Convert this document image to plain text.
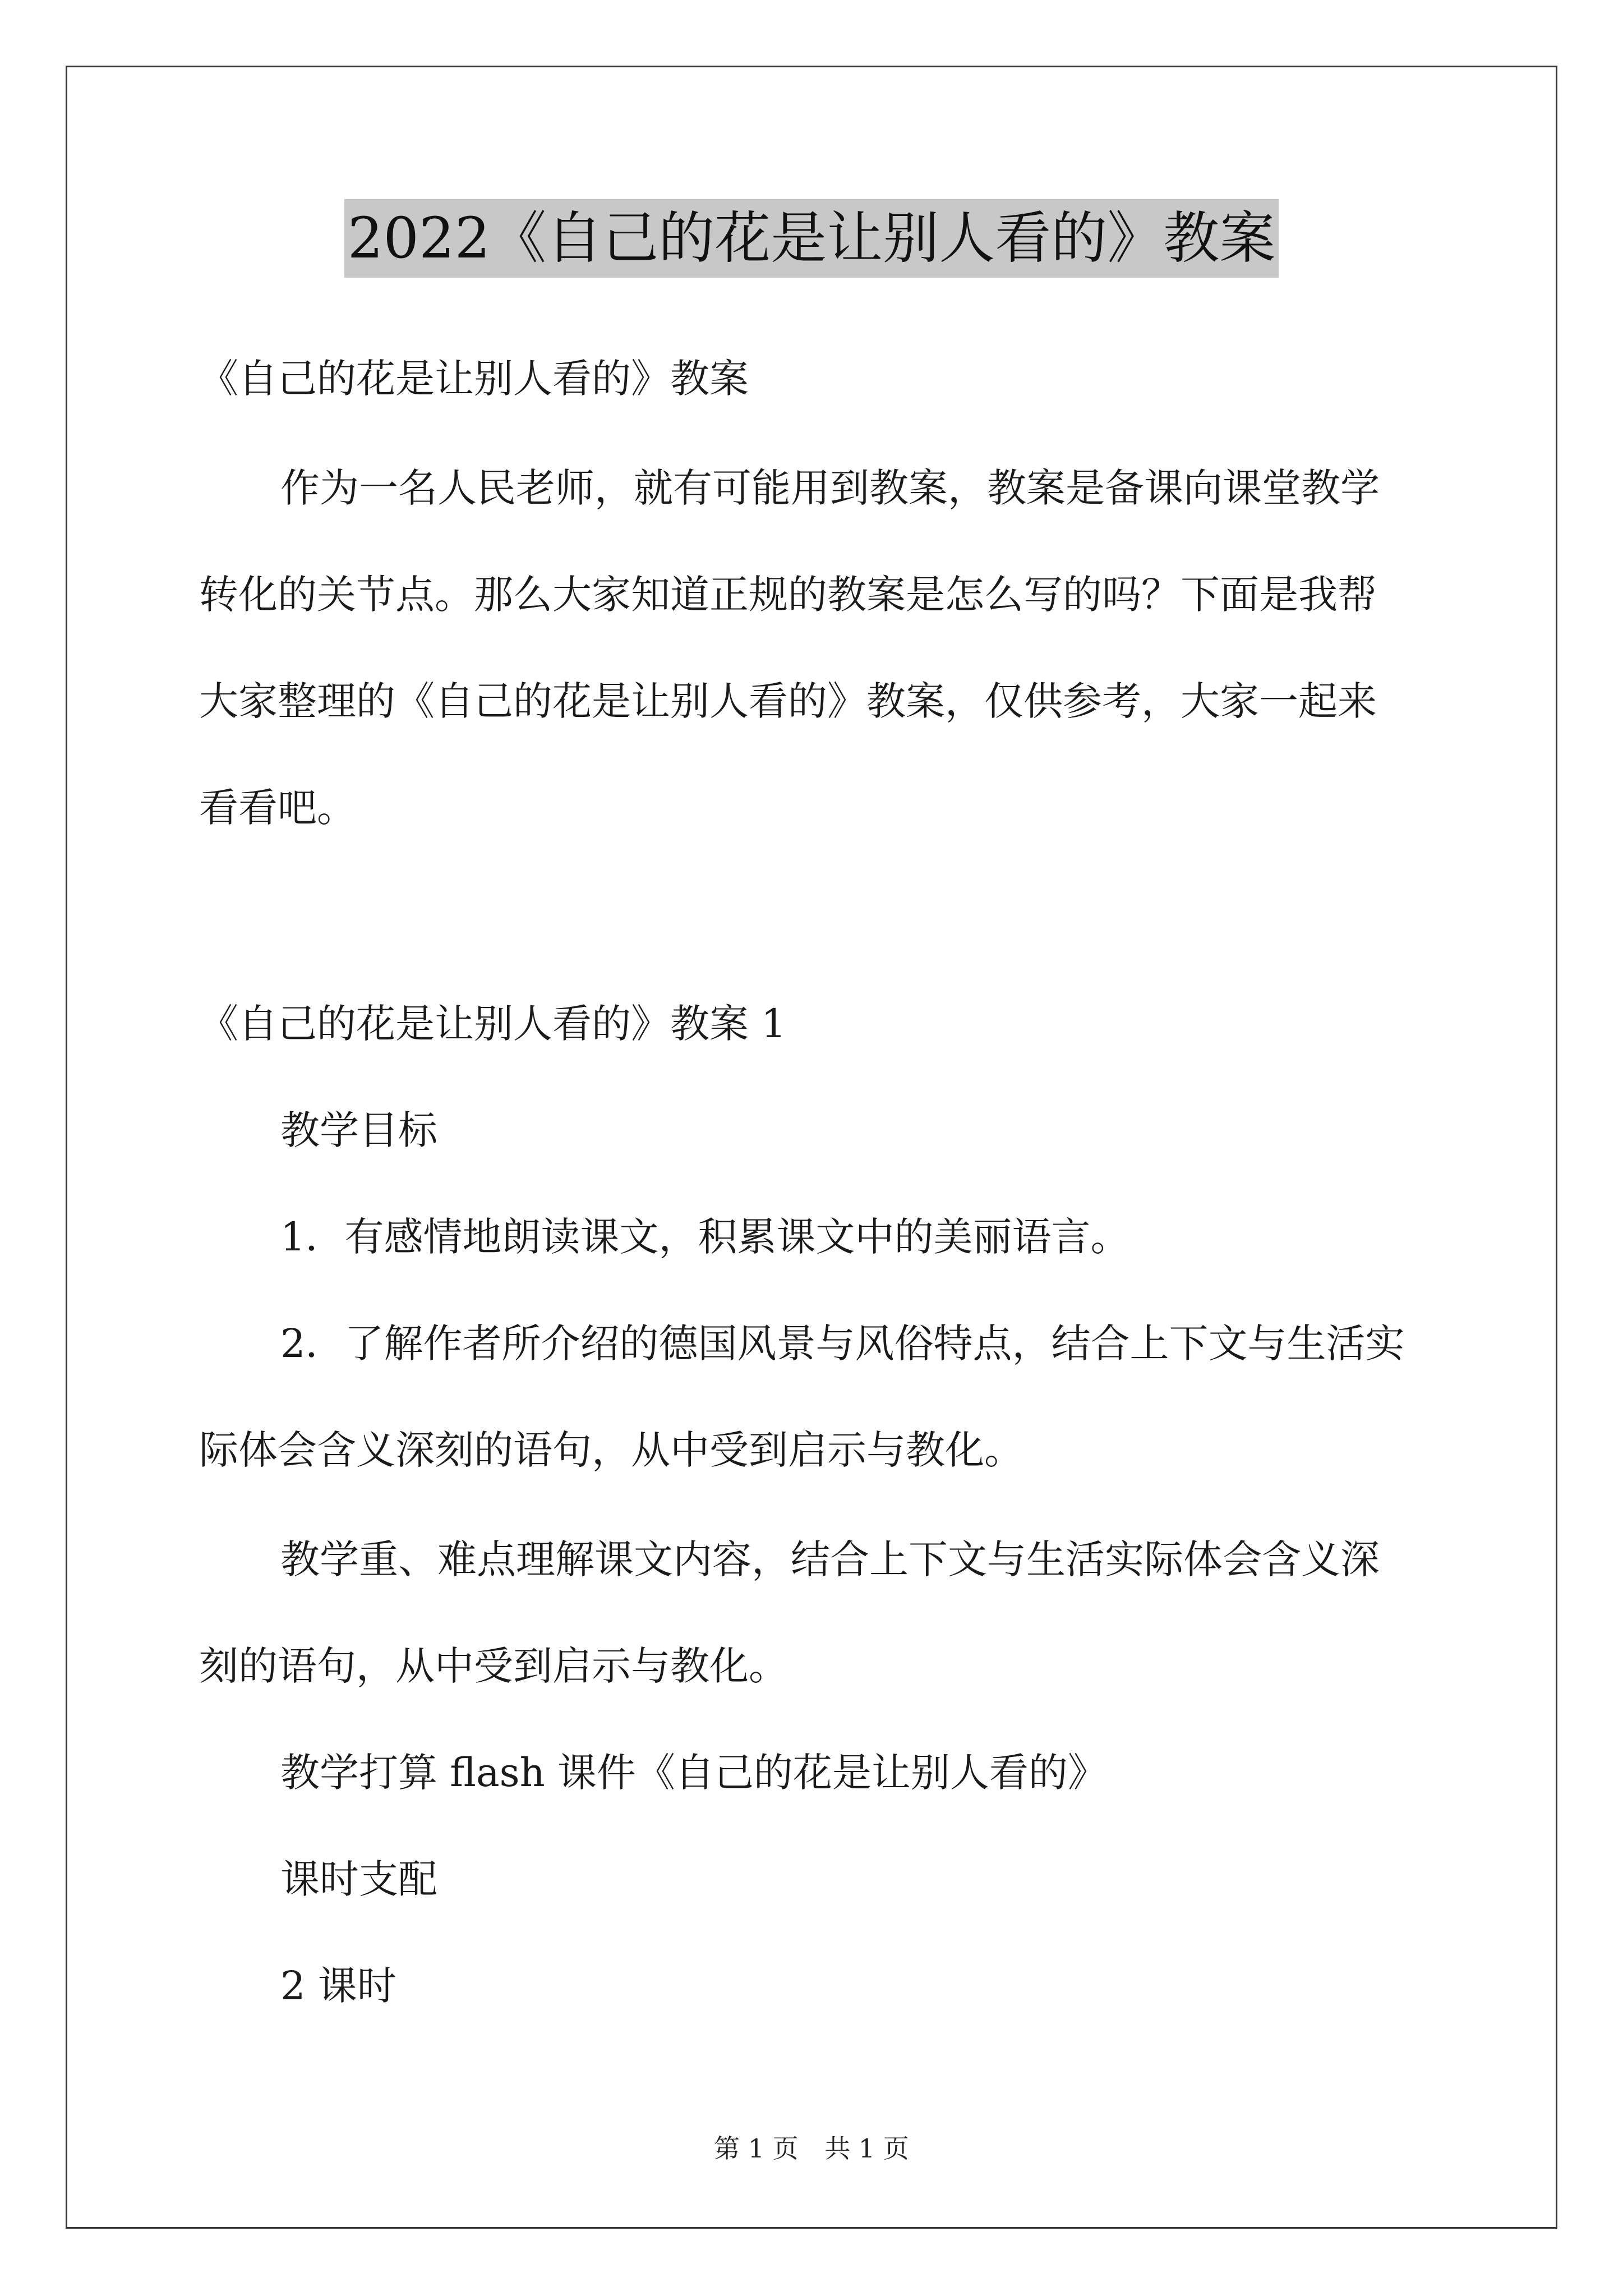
2022《自己的花是让别人看的》教案
《自己的花是让别人看的》教案
作为一名人民老师，就有可能用到教案，教案是备课向课堂教学
转化的关节点。那么大家知道正规的教案是怎么写的吗？下面是我帮
大家整理的《自己的花是让别人看的》教案，仅供参考，大家一起来
看看吧。
《自己的花是让别人看的》教案 1
教学目标
1．有感情地朗读课文，积累课文中的美丽语言。
2．了解作者所介绍的德国风景与风俗特点，结合上下文与生活实
际体会含义深刻的语句，从中受到启示与教化。
教学重、难点理解课文内容，结合上下文与生活实际体会含义深
刻的语句，从中受到启示与教化。
教学打算 flash 课件《自己的花是让别人看的》
课时支配
2 课时
第 1 页 共 1 页
